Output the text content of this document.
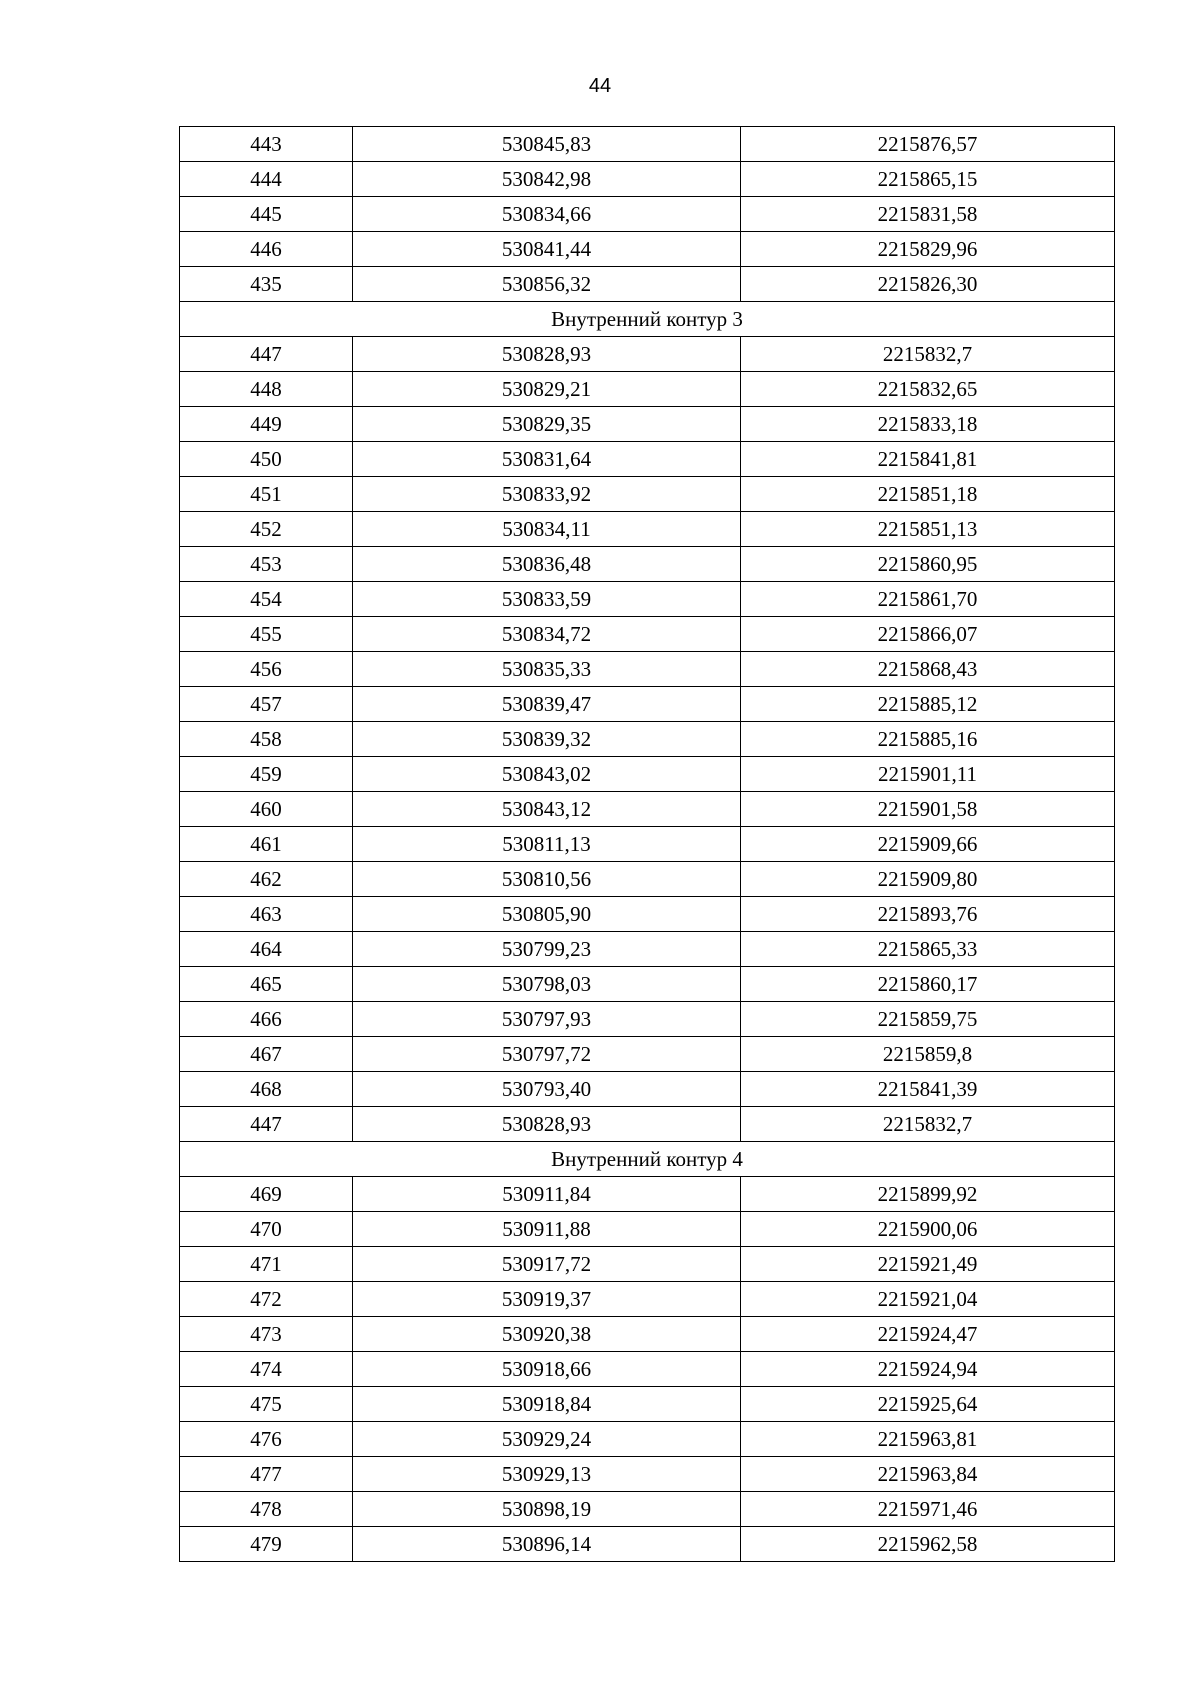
44
443	530845,83	2215876,57
444	530842,98	2215865,15
445	530834,66	2215831,58
446	530841,44	2215829,96
435	530856,32	2215826,30
Внутренний контур 3		
447	530828,93	2215832,7
448	530829,21	2215832,65
449	530829,35	2215833,18
450	530831,64	2215841,81
451	530833,92	2215851,18
452	530834,11	2215851,13
453	530836,48	2215860,95
454	530833,59	2215861,70
455	530834,72	2215866,07
456	530835,33	2215868,43
457	530839,47	2215885,12
458	530839,32	2215885,16
459	530843,02	2215901,11
460	530843,12	2215901,58
461	530811,13	2215909,66
462	530810,56	2215909,80
463	530805,90	2215893,76
464	530799,23	2215865,33
465	530798,03	2215860,17
466	530797,93	2215859,75
467	530797,72	2215859,8
468	530793,40	2215841,39
447	530828,93	2215832,7
Внутренний контур 4		
469	530911,84	2215899,92
470	530911,88	2215900,06
471	530917,72	2215921,49
472	530919,37	2215921,04
473	530920,38	2215924,47
474	530918,66	2215924,94
475	530918,84	2215925,64
476	530929,24	2215963,81
477	530929,13	2215963,84
478	530898,19	2215971,46
479	530896,14	2215962,58
